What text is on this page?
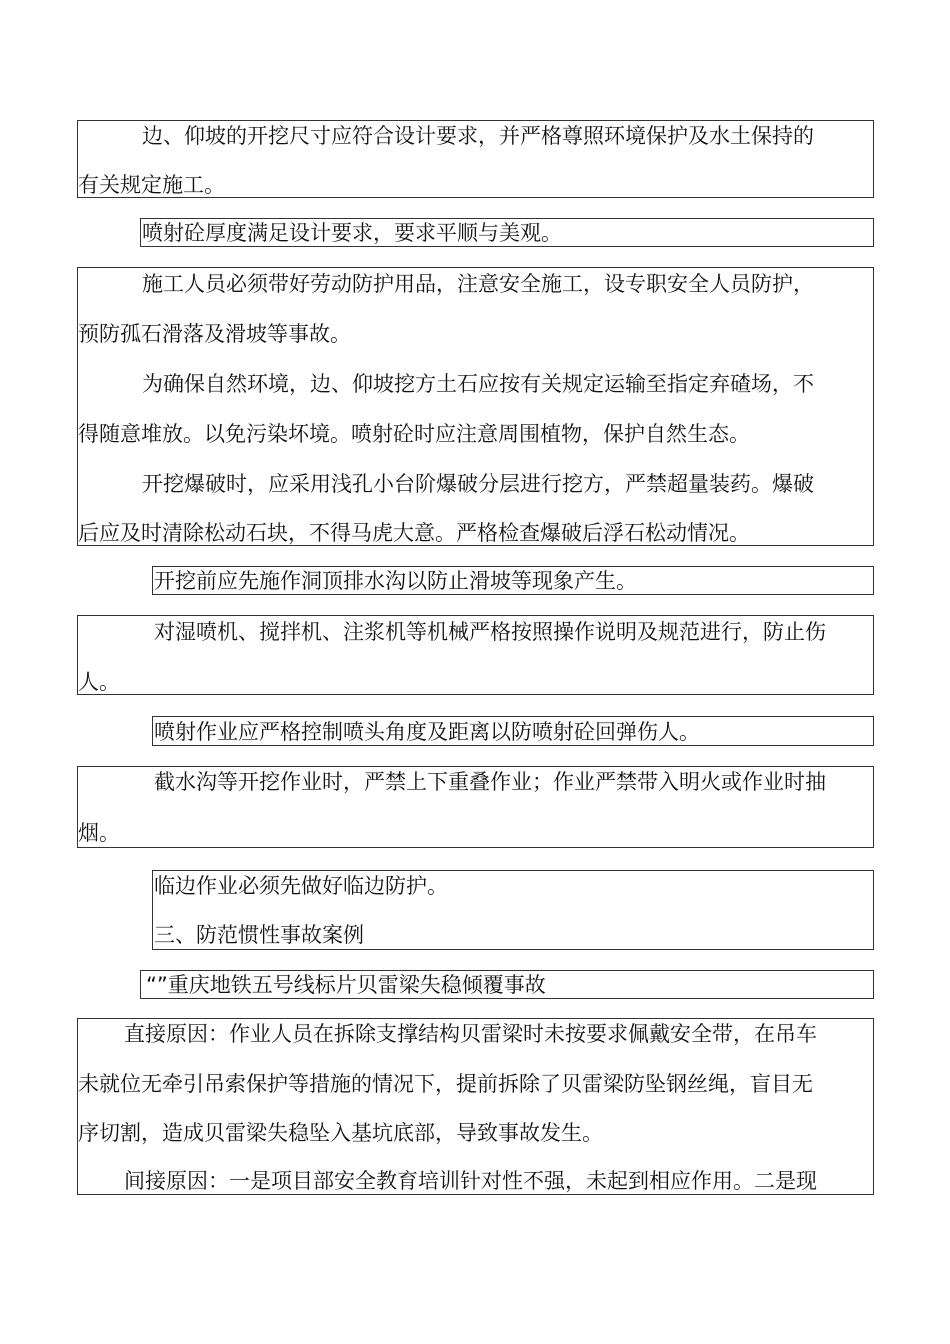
边、仰坡的开挖尺寸应符合设计要求，并严格尊照环境保护及水土保持的
有关规定施工。
喷射砼厚度满足设计要求，要求平顺与美观。
施工人员必须带好劳动防护用品，注意安全施工，设专职安全人员防护，
预防孤石滑落及滑坡等事故。
为确保自然环境，边、仰坡挖方土石应按有关规定运输至指定弃碴场，不
得随意堆放。以免污染坏境。喷射砼时应注意周围植物，保护自然生态。
开挖爆破时，应采用浅孔小台阶爆破分层进行挖方，严禁超量装药。爆破
后应及时清除松动石块，不得马虎大意。严格检查爆破后浮石松动情况。
开挖前应先施作洞顶排水沟以防止滑坡等现象产生。
对湿喷机、搅拌机、注浆机等机械严格按照操作说明及规范进行，防止伤
人。
喷射作业应严格控制喷头角度及距离以防喷射砼回弹伤人。
截水沟等开挖作业时，严禁上下重叠作业；作业严禁带入明火或作业时抽
烟。
临边作业必须先做好临边防护。
三、防范惯性事故案例
“”重庆地铁五号线标片贝雷梁失稳倾覆事故
直接原因：作业人员在拆除支撑结构贝雷梁时未按要求佩戴安全带，在吊车
未就位无牵引吊索保护等措施的情况下，提前拆除了贝雷梁防坠钢丝绳，盲目无
序切割，造成贝雷梁失稳坠入基坑底部，导致事故发生。
间接原因：一是项目部安全教育培训针对性不强，未起到相应作用。二是现
